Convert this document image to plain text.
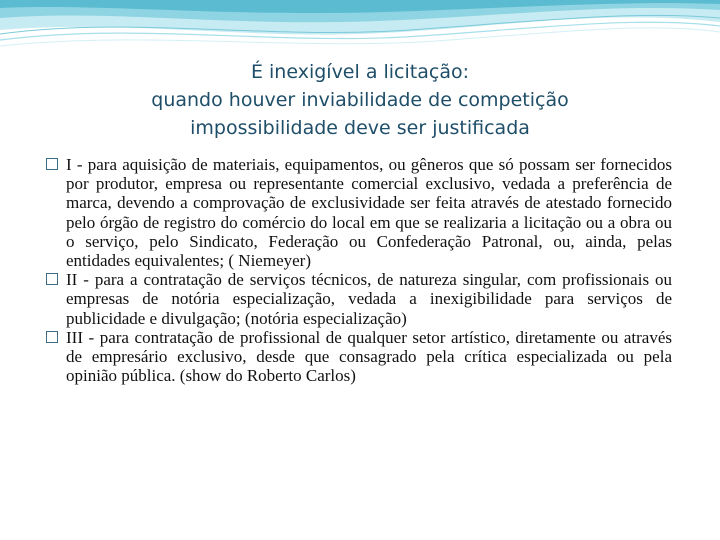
É inexigível a licitação:
quando houver inviabilidade de competição
impossibilidade deve ser justificada
I - para aquisição de materiais, equipamentos, ou gêneros que só possam ser fornecidos por produtor, empresa ou representante comercial exclusivo, vedada a preferência de marca, devendo a comprovação de exclusividade ser feita através de atestado fornecido pelo órgão de registro do comércio do local em que se realizaria a licitação ou a obra ou o serviço, pelo Sindicato, Federação ou Confederação Patronal, ou, ainda, pelas entidades equivalentes; ( Niemeyer)
II - para a contratação de serviços técnicos, de natureza singular, com profissionais ou empresas de notória especialização, vedada a inexigibilidade para serviços de publicidade e divulgação; (notória especialização)
III - para contratação de profissional de qualquer setor artístico, diretamente ou através de empresário exclusivo, desde que consagrado pela crítica especializada ou pela opinião pública. (show do Roberto Carlos)
